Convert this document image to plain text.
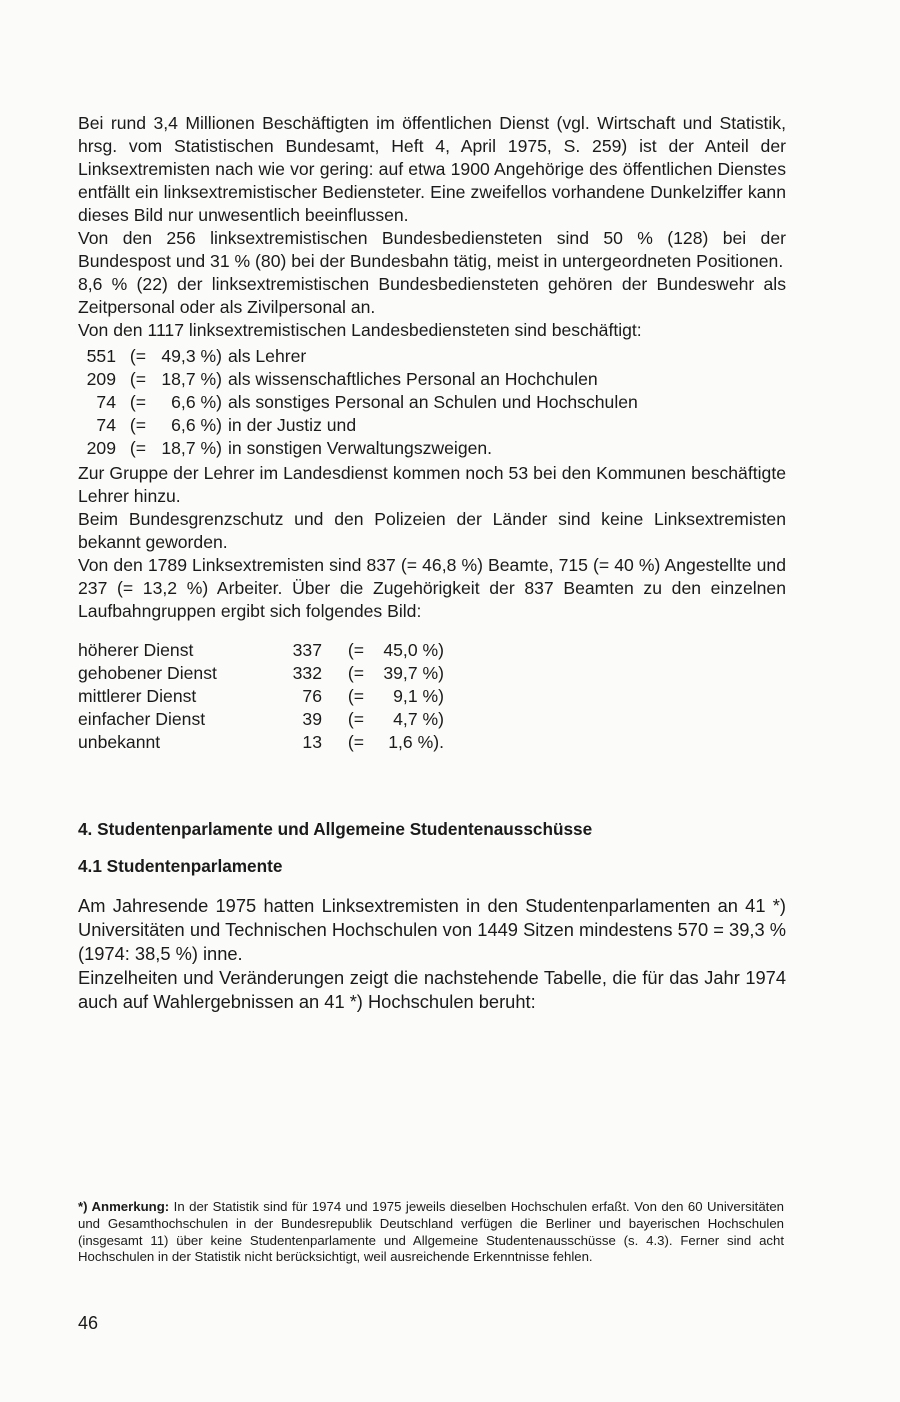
Bei rund 3,4 Millionen Beschäftigten im öffentlichen Dienst (vgl. Wirtschaft und Statistik, hrsg. vom Statistischen Bundesamt, Heft 4, April 1975, S. 259) ist der Anteil der Linksextremisten nach wie vor gering: auf etwa 1900 Angehörige des öffentlichen Dienstes entfällt ein linksextremistischer Bediensteter. Eine zweifellos vorhandene Dunkelziffer kann dieses Bild nur unwesentlich beeinflussen.

Von den 256 linksextremistischen Bundesbediensteten sind 50 % (128) bei der Bundespost und 31 % (80) bei der Bundesbahn tätig, meist in untergeordneten Positionen.

8,6 % (22) der linksextremistischen Bundesbediensteten gehören der Bundeswehr als Zeitpersonal oder als Zivilpersonal an.

Von den 1117 linksextremistischen Landesbediensteten sind beschäftigt:

551 (= 49,3 %) als Lehrer
209 (= 18,7 %) als wissenschaftliches Personal an Hochchulen
74 (=	6,6 %) als sonstiges Personal an Schulen und Hochschulen
74 (=	6,6 %) in der Justiz und
209 (= 18,7 %) in sonstigen Verwaltungszweigen.

Zur Gruppe der Lehrer im Landesdienst kommen noch 53 bei den Kommunen beschäftigte Lehrer hinzu.

Beim Bundesgrenzschutz und den Polizeien der Länder sind keine Linksextremisten bekannt geworden.

Von den 1789 Linksextremisten sind 837 (= 46,8 %) Beamte, 715 (= 40 %) Angestellte und 237 (= 13,2 %) Arbeiter. Über die Zugehörigkeit der 837 Beamten zu den einzelnen Laufbahngruppen ergibt sich folgendes Bild:

höherer Dienst	337	(=	45,0 %)
gehobener Dienst	332	(=	39,7 %)
mittlerer Dienst	76	(=	9,1 %)
einfacher Dienst	39	(=	4,7 %)
unbekannt	13	(=	1,6 %).
4. Studentenparlamente und Allgemeine Studentenausschüsse
4.1 Studentenparlamente

Am Jahresende 1975 hatten Linksextremisten in den Studentenparlamenten an 41 *) Universitäten und Technischen Hochschulen von 1449 Sitzen mindestens 570 = 39,3 % (1974: 38,5 %) inne.

Einzelheiten und Veränderungen zeigt die nachstehende Tabelle, die für das Jahr 1974 auch auf Wahlergebnissen an 41 *) Hochschulen beruht:

*) Anmerkung: In der Statistik sind für 1974 und 1975 jeweils dieselben Hochschulen erfaßt. Von den 60 Universitäten und Gesamthochschulen in der Bundesrepublik Deutschland verfügen die Berliner und bayerischen Hochschulen (insgesamt 11) über keine Studentenparlamente und Allgemeine Studentenausschüsse (s. 4.3). Ferner sind acht Hochschulen in der Statistik nicht berücksichtigt, weil ausreichende Erkenntnisse fehlen.
46
